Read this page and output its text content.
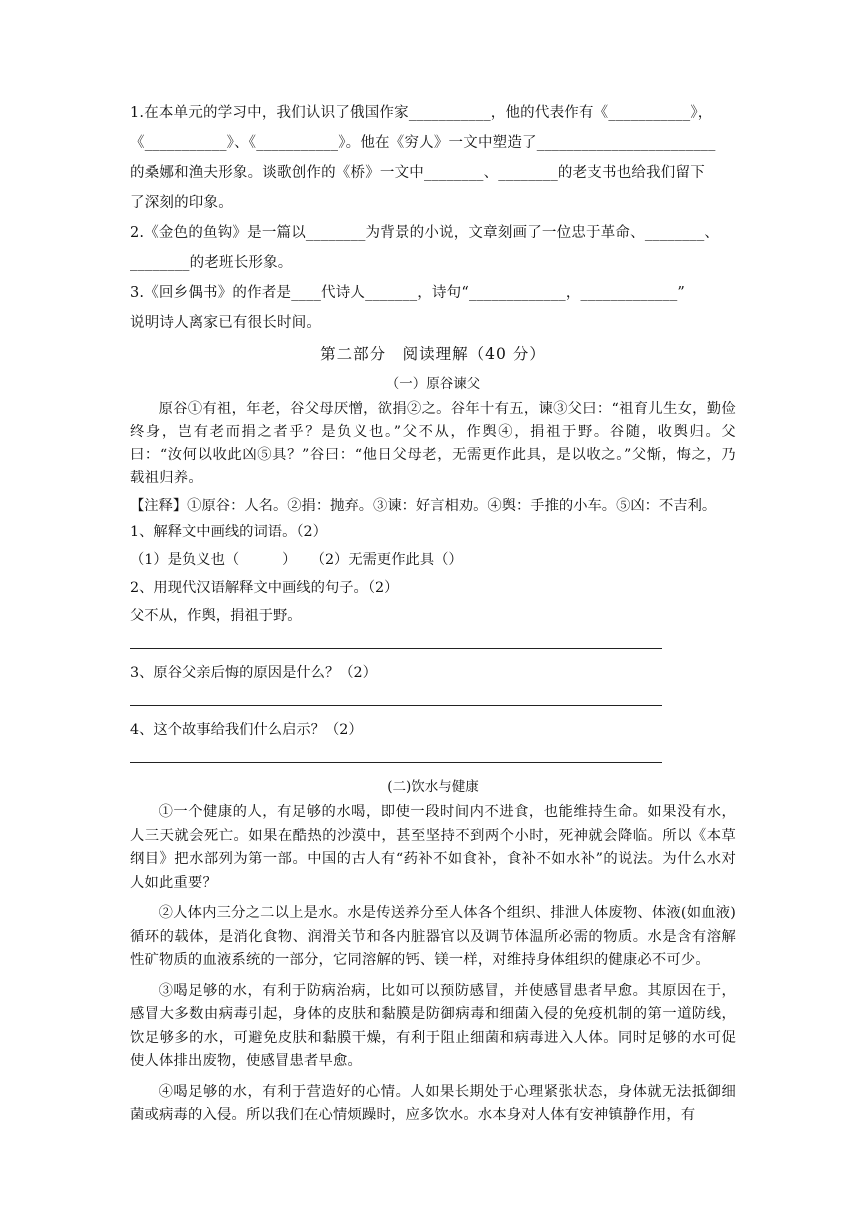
1.在本单元的学习中，我们认识了俄国作家___________，他的代表作有《___________》，
《___________》、《___________》。他在《穷人》一文中塑造了________________________
的桑娜和渔夫形象。谈歌创作的《桥》一文中________、________的老支书也给我们留下
了深刻的印象。
2.《金色的鱼钩》是一篇以________为背景的小说，文章刻画了一位忠于革命、________、
________的老班长形象。
3.《回乡偶书》的作者是____代诗人_______，诗句“_____________，_____________”
说明诗人离家已有很长时间。
第二部分　阅读理解（40 分）
（一）原谷谏父
原谷①有祖，年老，谷父母厌憎，欲捐②之。谷年十有五，谏③父曰：“祖育儿生女，勤俭终身，岂有老而捐之者乎？是负义也。”父不从，作舆④，捐祖于野。谷随，收舆归。父曰：“汝何以收此凶⑤具？”谷曰：“他日父母老，无需更作此具，是以收之。”父惭，悔之，乃载祖归养。
【注释】①原谷：人名。②捐：抛弃。③谏：好言相劝。④舆：手推的小车。⑤凶：不吉利。
1、解释文中画线的词语。（2）
（1）是负义也（　　　）　　（2）无需更作此具（）
2、用现代汉语解释文中画线的句子。（2）
父不从，作舆，捐祖于野。
3、原谷父亲后悔的原因是什么？（2）
4、这个故事给我们什么启示？（2）
(二)饮水与健康
①一个健康的人，有足够的水喝，即使一段时间内不进食，也能维持生命。如果没有水，人三天就会死亡。如果在酷热的沙漠中，甚至坚持不到两个小时，死神就会降临。所以《本草纲目》把水部列为第一部。中国的古人有“药补不如食补，食补不如水补”的说法。为什么水对人如此重要？
②人体内三分之二以上是水。水是传送养分至人体各个组织、排泄人体废物、体液(如血液)循环的载体，是消化食物、润滑关节和各内脏器官以及调节体温所必需的物质。水是含有溶解性矿物质的血液系统的一部分，它同溶解的钙、镁一样，对维持身体组织的健康必不可少。
③喝足够的水，有利于防病治病，比如可以预防感冒，并使感冒患者早愈。其原因在于，感冒大多数由病毒引起，身体的皮肤和黏膜是防御病毒和细菌入侵的免疫机制的第一道防线，饮足够多的水，可避免皮肤和黏膜干燥，有利于阻止细菌和病毒进入人体。同时足够的水可促使人体排出废物，使感冒患者早愈。
④喝足够的水，有利于营造好的心情。人如果长期处于心理紧张状态，身体就无法抵御细菌或病毒的入侵。所以我们在心情烦躁时，应多饮水。水本身对人体有安神镇静作用，有
